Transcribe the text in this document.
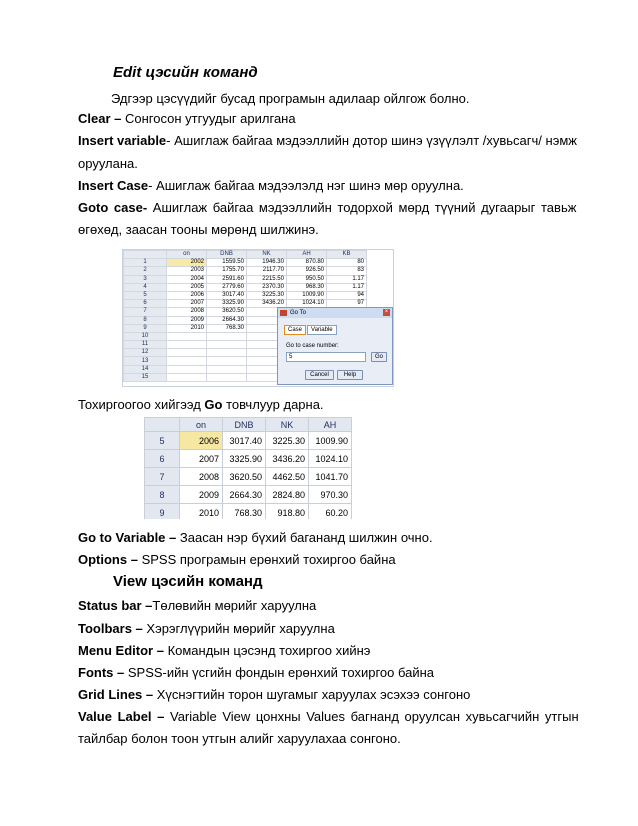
Edit цэсийн команд
Эдгээр цэсүүдийг бусад програмын адилаар ойлгож болно.
Clear – Сонгосон утгуудыг арилгана
Insert variable- Ашиглаж байгаа мэдээллийн дотор шинэ үзүүлэлт /хувьсагч/ нэмж
оруулана.
Insert Case- Ашиглаж байгаа мэдээлэлд нэг шинэ мөр оруулна.
Goto case- Ашиглаж байгаа мэдээллийн тодорхой мөрд түүний дугаарыг тавьж
өгөхөд, заасан тооны мөрөнд шилжинэ.
	on	DNB	NK	AH	KB
1	2002	1559.50	1946.30	870.80	80
2	2003	1755.70	2117.70	926.50	83
3	2004	2591.60	2215.50	950.50	1.17
4	2005	2779.60	2370.30	968.30	1.17
5	2006	3017.40	3225.30	1009.90	94
6	2007	3325.90	3436.20	1024.10	97
7	2008	3620.50			
8	2009	2664.30			
9	2010	768.30			
10					
11					
12					
13					
14					
15					
Go To	×
Case Variable
Go to case number:
5	Go
Cancel	Help
Тохиргоогоо хийгээд Go товчлуур дарна.
	on	DNB	NK	AH
5	2006	3017.40	3225.30	1009.90
6	2007	3325.90	3436.20	1024.10
7	2008	3620.50	4462.50	1041.70
8	2009	2664.30	2824.80	970.30
9	2010	768.30	918.80	60.20
Go to Variable – Заасан нэр бүхий багананд шилжин очно.
Options – SPSS програмын ерөнхий тохиргоо байна
View цэсийн команд
Status bar –Төлөвийн мөрийг харуулна
Toolbars – Хэрэглүүрийн мөрийг харуулна
Menu Editor – Командын цэсэнд тохиргоо хийнэ
Fonts – SPSS-ийн үсгийн фондын ерөнхий тохиргоо байна
Grid Lines – Хүснэгтийн торон шугамыг харуулах эсэхээ сонгоно
Value Label – Variable View цонхны Values багнанд оруулсан хувьсагчийн утгын
тайлбар болон тоон утгын алийг харуулахаа сонгоно.
